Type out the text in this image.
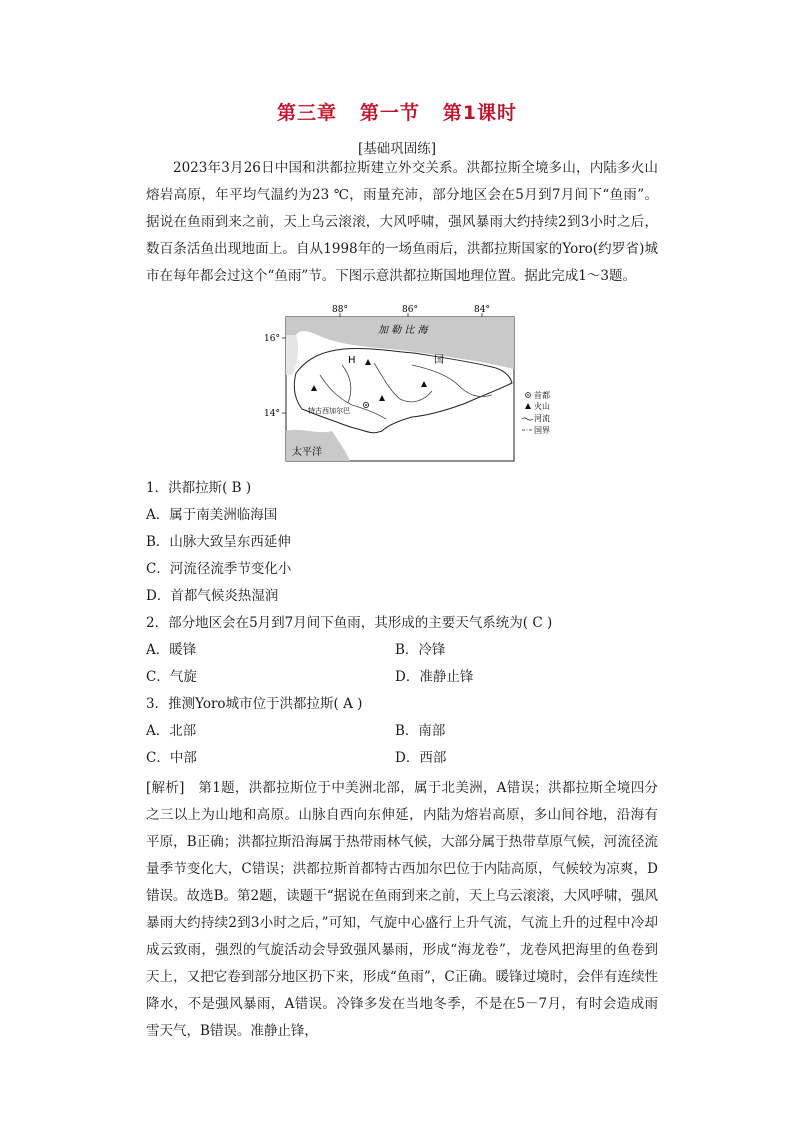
第三章   第一节   第1课时
[基础巩固练]
2023年3月26日中国和洪都拉斯建立外交关系。洪都拉斯全境多山，内陆多火山熔岩高原，年平均气温约为23 ℃，雨量充沛，部分地区会在5月到7月间下“鱼雨”。据说在鱼雨到来之前，天上乌云滚滚，大风呼啸，强风暴雨大约持续2到3小时之后，数百条活鱼出现地面上。自从1998年的一场鱼雨后，洪都拉斯国家的Yoro(约罗省)城市在每年都会过这个“鱼雨”节。下图示意洪都拉斯国地理位置。据此完成1～3题。
88°	86°	84°
16°
14°
加 勒 比 海
太平洋
H	国
特古西加尔巴
首都
火山
河流
国界
1．洪都拉斯( B )
A．属于南美洲临海国
B．山脉大致呈东西延伸
C．河流径流季节变化小
D．首都气候炎热湿润
2．部分地区会在5月到7月间下鱼雨，其形成的主要天气系统为( C )
A．暖锋	B．冷锋
C．气旋	D．准静止锋
3．推测Yoro城市位于洪都拉斯( A )
A．北部	B．南部
C．中部	D．西部
[解析]　第1题，洪都拉斯位于中美洲北部，属于北美洲，A错误；洪都拉斯全境四分之三以上为山地和高原。山脉自西向东伸延，内陆为熔岩高原，多山间谷地，沿海有平原，B正确；洪都拉斯沿海属于热带雨林气候，大部分属于热带草原气候，河流径流量季节变化大，C错误；洪都拉斯首都特古西加尔巴位于内陆高原，气候较为凉爽，D错误。故选B。第2题，读题干“据说在鱼雨到来之前，天上乌云滚滚，大风呼啸，强风暴雨大约持续2到3小时之后，”可知，气旋中心盛行上升气流，气流上升的过程中冷却成云致雨，强烈的气旋活动会导致强风暴雨，形成“海龙卷”，龙卷风把海里的鱼卷到天上，又把它卷到部分地区扔下来，形成“鱼雨”，C正确。暖锋过境时，会伴有连续性降水，不是强风暴雨，A错误。冷锋多发在当地冬季，不是在5－7月，有时会造成雨雪天气，B错误。准静止锋，
